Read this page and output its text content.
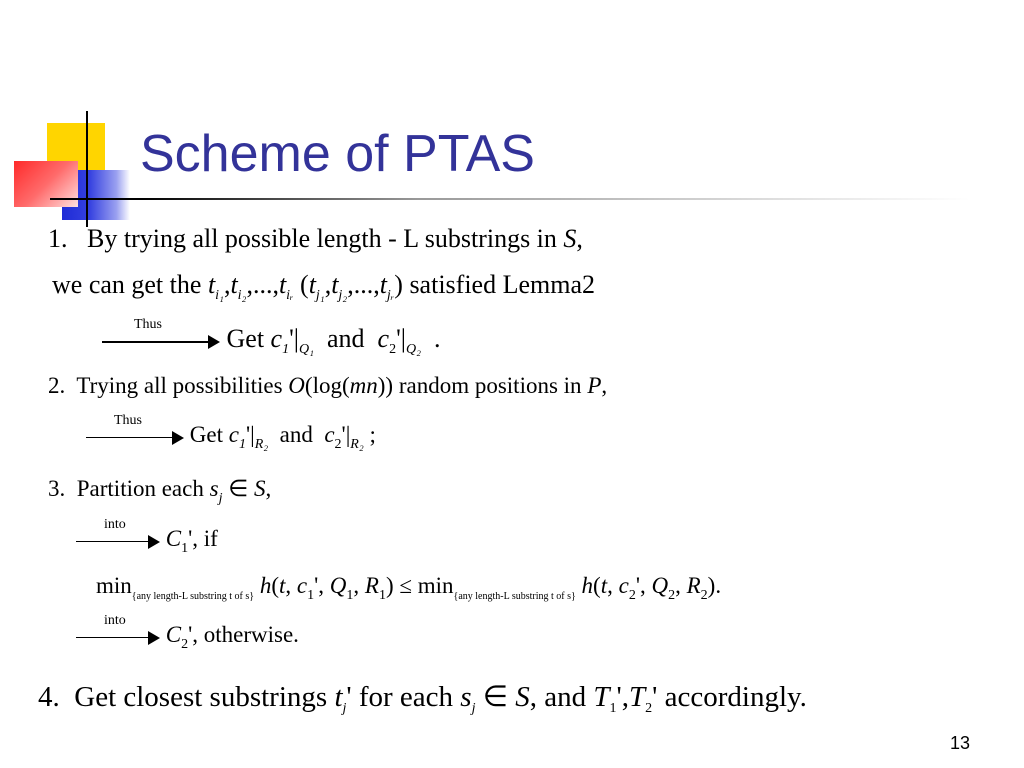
Scheme of PTAS
1. By trying all possible length - L substrings in S,
we can get the $t_{i_1},t_{i_2},...,t_{iᵣ}$ $(t_{j_1},t_{j_2},...,t_{jᵣ})$ satisfied Lemma2
Thus Get $c_1'|_{Q_1}$ and $c_2'|_{Q_2}$ .
2. Trying all possibilities O(log(mn)) random positions in P,
Thus
Get $c_1'|_{R_2}$ and $c_2'|_{R_2}$ ;
3. Partition each $s_j$ ∈ S,
into
$C_1'$, if
$\min_{\{any length-L substring t of s\}} h(t$, $c_1'$, $Q_1$, $R_1) \le \min_{\{any length-L substring t of s\}} h(t$, $c_2'$, $Q_2$, $R_2$).
into
$C_2'$, otherwise.
4. Get closest substrings $t_j'$ for each $s_j$ ∈ S, and $T_1',T_2'$ accordingly.
13
